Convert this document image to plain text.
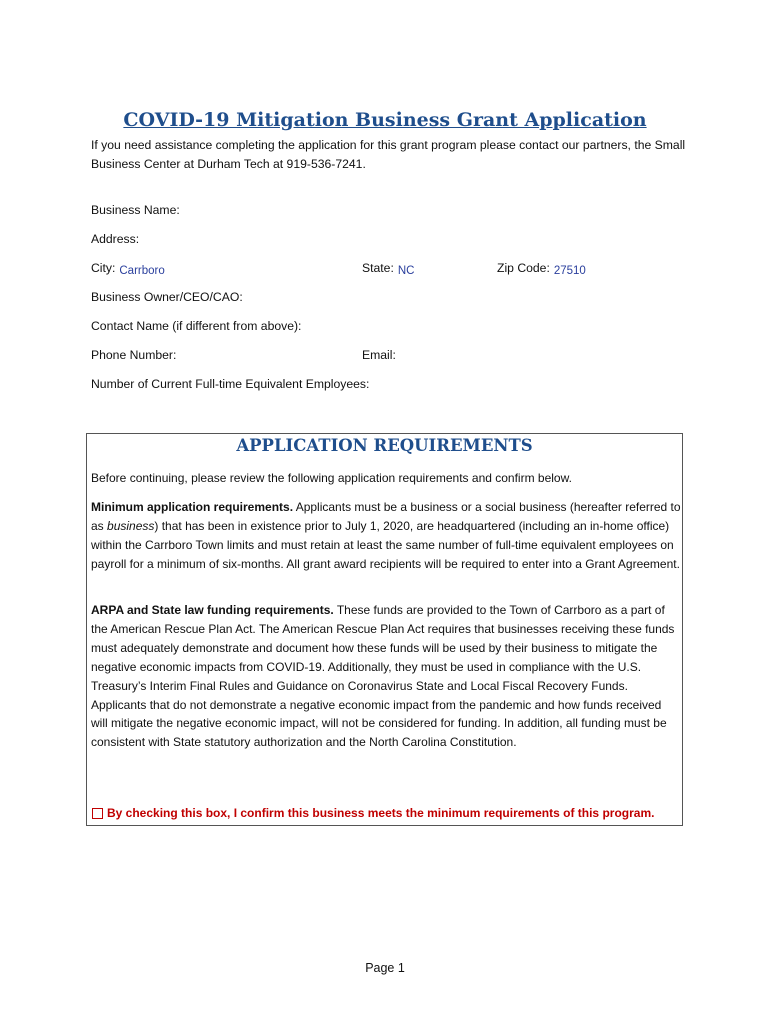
COVID-19 Mitigation Business Grant Application
If you need assistance completing the application for this grant program please contact our partners, the Small Business Center at Durham Tech at 919-536-7241.
Business Name:
Address:
City: Carrboro	State: NC	Zip Code: 27510
Business Owner/CEO/CAO:
Contact Name (if different from above):
Phone Number:	Email:
Number of Current Full-time Equivalent Employees:
APPLICATION REQUIREMENTS
Before continuing, please review the following application requirements and confirm below.
Minimum application requirements. Applicants must be a business or a social business (hereafter referred to as business) that has been in existence prior to July 1, 2020, are headquartered (including an in-home office) within the Carrboro Town limits and must retain at least the same number of full-time equivalent employees on payroll for a minimum of six-months. All grant award recipients will be required to enter into a Grant Agreement.
ARPA and State law funding requirements. These funds are provided to the Town of Carrboro as a part of the American Rescue Plan Act. The American Rescue Plan Act requires that businesses receiving these funds must adequately demonstrate and document how these funds will be used by their business to mitigate the negative economic impacts from COVID-19. Additionally, they must be used in compliance with the U.S. Treasury’s Interim Final Rules and Guidance on Coronavirus State and Local Fiscal Recovery Funds. Applicants that do not demonstrate a negative economic impact from the pandemic and how funds received will mitigate the negative economic impact, will not be considered for funding. In addition, all funding must be consistent with State statutory authorization and the North Carolina Constitution.
By checking this box, I confirm this business meets the minimum requirements of this program.
Page 1
